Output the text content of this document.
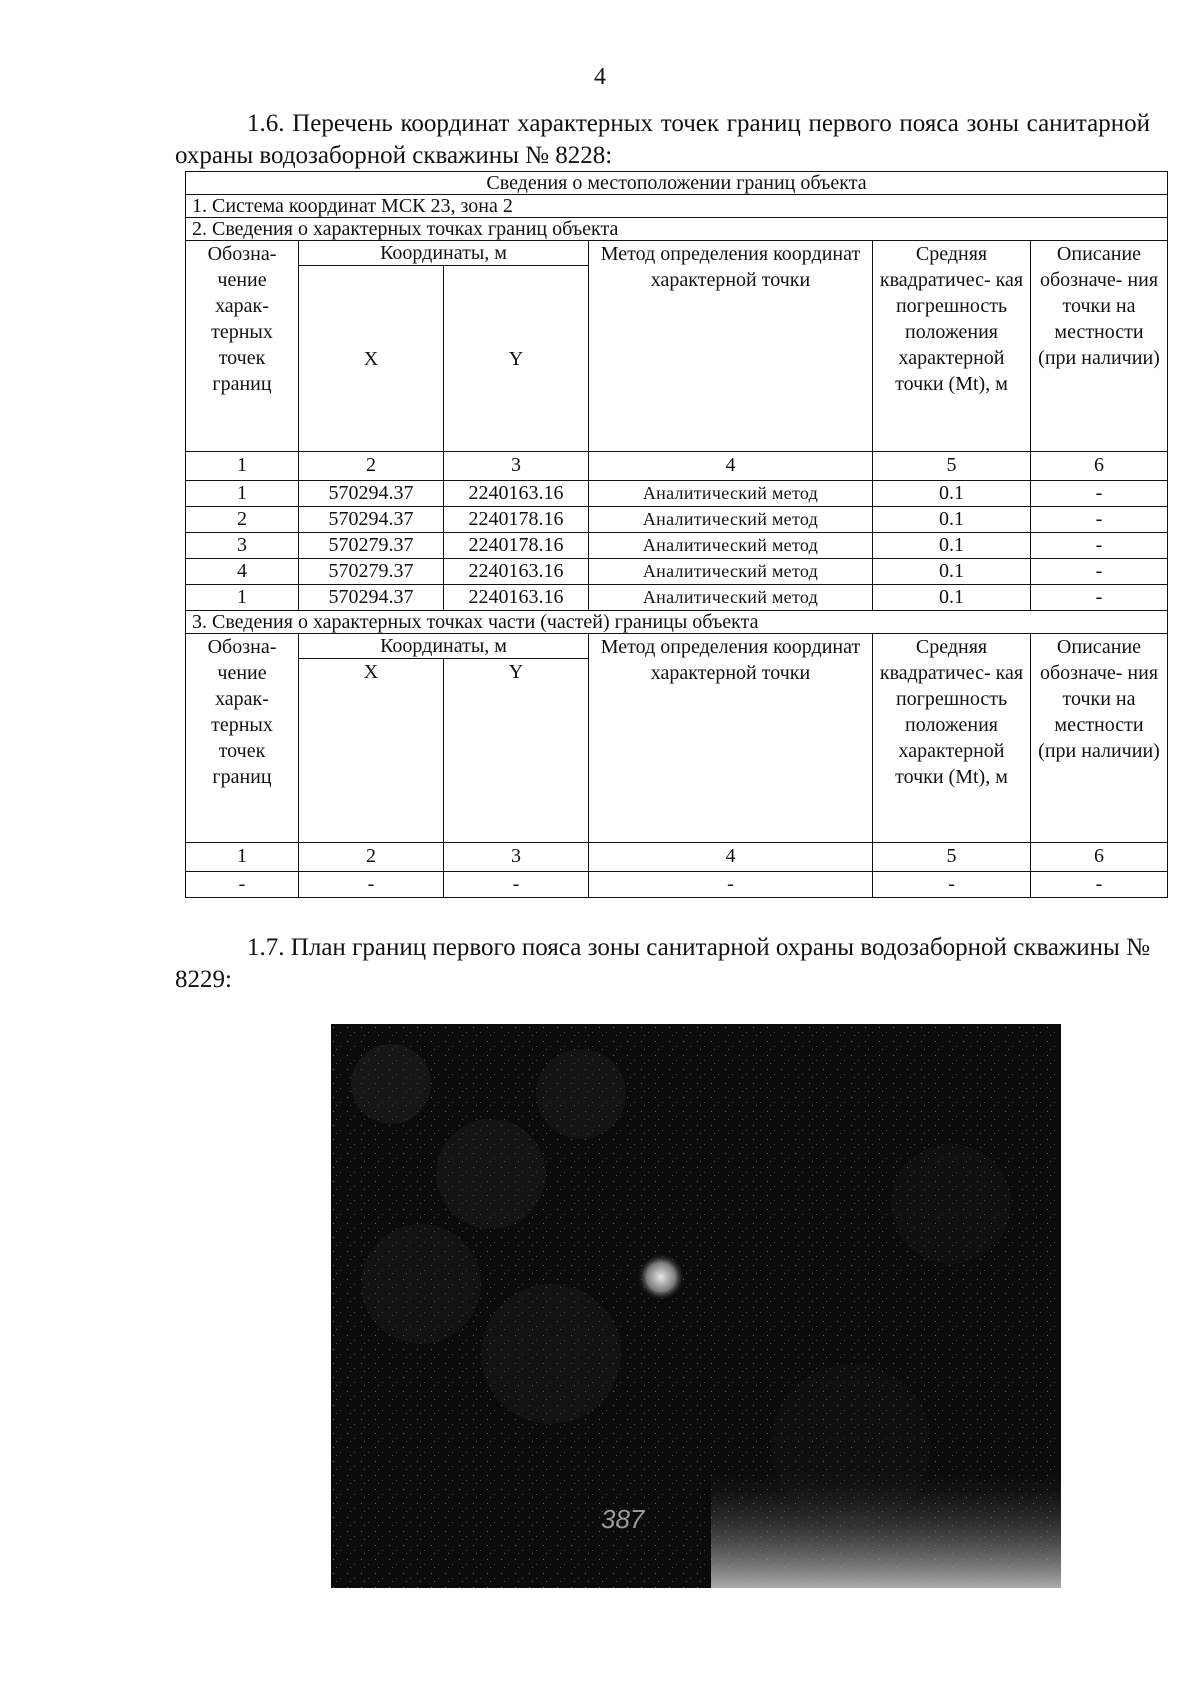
4
1.6. Перечень координат характерных точек границ первого пояса зоны санитарной охраны водозаборной скважины № 8228:
Сведения о местоположении границ объекта					
1. Система координат МСК 23, зона 2					
2. Сведения о характерных точках границ объекта					
Обозна- чение харак- терных точек границ	Координаты, м		Метод определения координат характерной точки	Средняя квадратичес- кая погрешность положения характерной точки (Mt), м	Описание обозначе- ния точки на местности (при наличии)
	X	Y			
1	2	3	4	5	6
1	570294.37	2240163.16	Аналитический метод	0.1	-
2	570294.37	2240178.16	Аналитический метод	0.1	-
3	570279.37	2240178.16	Аналитический метод	0.1	-
4	570279.37	2240163.16	Аналитический метод	0.1	-
1	570294.37	2240163.16	Аналитический метод	0.1	-
3. Сведения о характерных точках части (частей) границы объекта					
Обозна- чение харак- терных точек границ	Координаты, м		Метод определения координат характерной точки	Средняя квадратичес- кая погрешность положения характерной точки (Mt), м	Описание обозначе- ния точки на местности (при наличии)
	X	Y			
1	2	3	4	5	6
-	-	-	-	-	-
1.7. План границ первого пояса зоны санитарной охраны водозаборной скважины № 8229:
387
